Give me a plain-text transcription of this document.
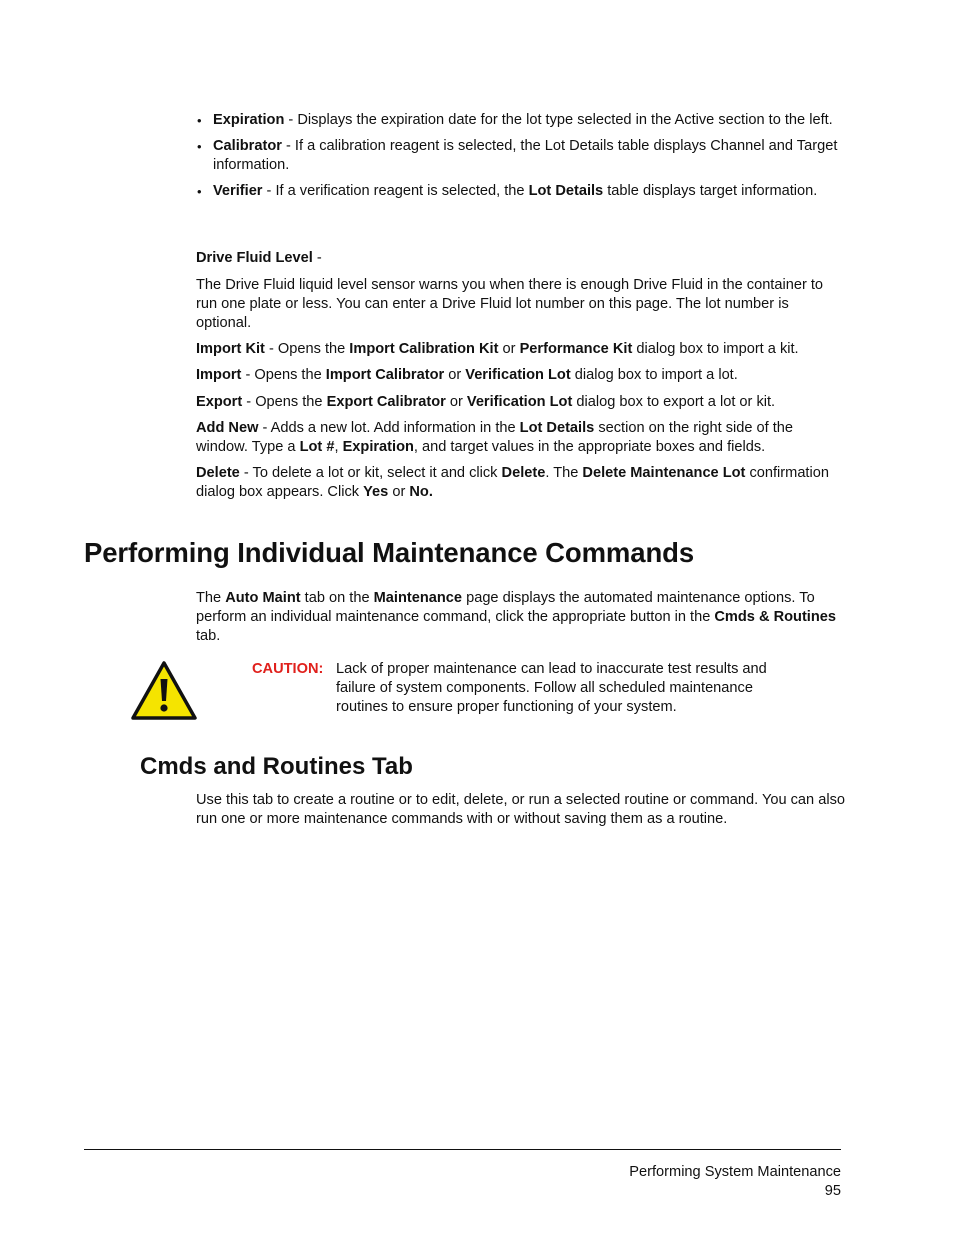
• Expiration - Displays the expiration date for the lot type selected in the Active section to the left.
• Calibrator - If a calibration reagent is selected, the Lot Details table displays Channel and Target information.
• Verifier - If a verification reagent is selected, the Lot Details table displays target information.

Drive Fluid Level -

The Drive Fluid liquid level sensor warns you when there is enough Drive Fluid in the container to run one plate or less. You can enter a Drive Fluid lot number on this page. The lot number is optional.

Import Kit - Opens the Import Calibration Kit or Performance Kit dialog box to import a kit.

Import - Opens the Import Calibrator or Verification Lot dialog box to import a lot.

Export - Opens the Export Calibrator or Verification Lot dialog box to export a lot or kit.

Add New - Adds a new lot. Add information in the Lot Details section on the right side of the window. Type a Lot #, Expiration, and target values in the appropriate boxes and fields.

Delete - To delete a lot or kit, select it and click Delete. The Delete Maintenance Lot confirmation dialog box appears. Click Yes or No.

Performing Individual Maintenance Commands

The Auto Maint tab on the Maintenance page displays the automated maintenance options. To perform an individual maintenance command, click the appropriate button in the Cmds & Routines tab.

CAUTION: Lack of proper maintenance can lead to inaccurate test results and failure of system components. Follow all scheduled maintenance routines to ensure proper functioning of your system.

Cmds and Routines Tab

Use this tab to create a routine or to edit, delete, or run a selected routine or command. You can also run one or more maintenance commands with or without saving them as a routine.

Performing System Maintenance
95
